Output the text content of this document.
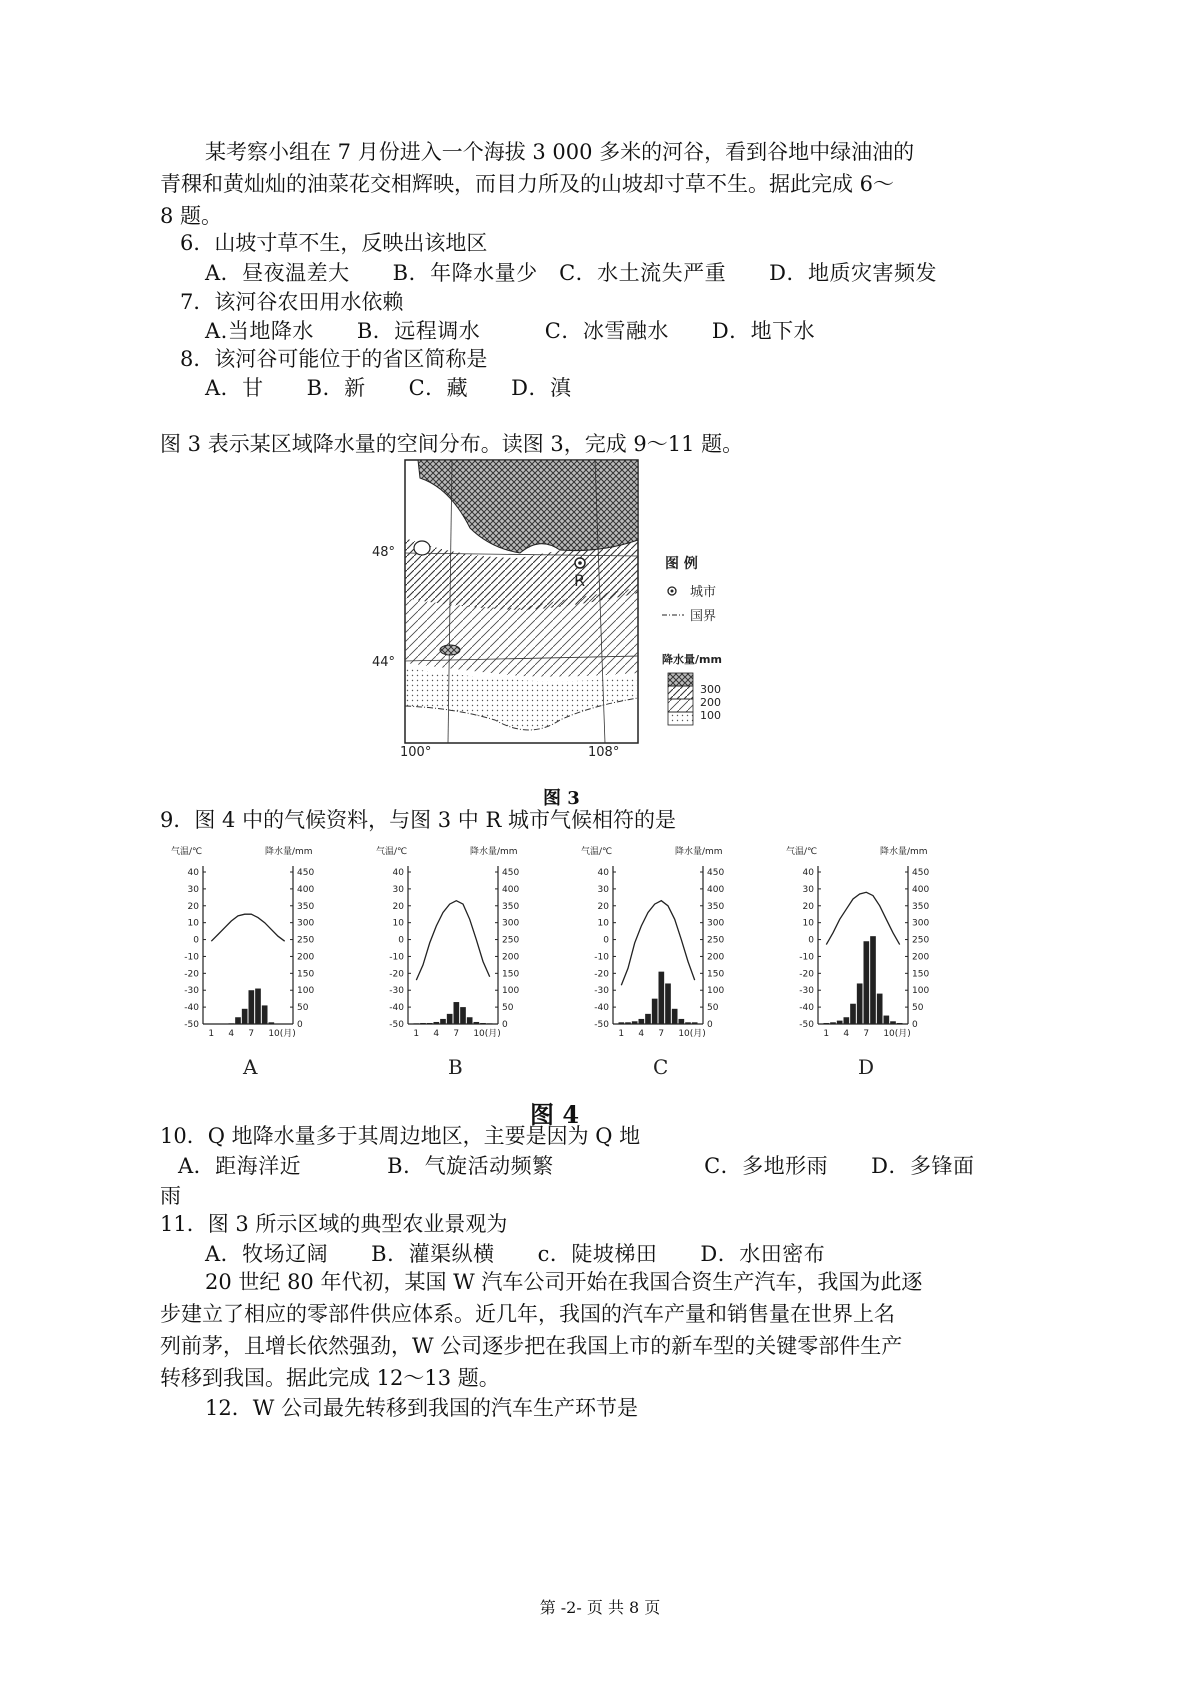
某考察小组在 7 月份进入一个海拔 3 000 多米的河谷，看到谷地中绿油油的
青稞和黄灿灿的油菜花交相辉映，而目力所及的山坡却寸草不生。据此完成 6～
8 题。
6．山坡寸草不生，反映出该地区
A．昼夜温差大　　B．年降水量少　C．水土流失严重　　D．地质灾害频发
7．该河谷农田用水依赖
A.当地降水　　B．远程调水　　　C．冰雪融水　　D．地下水
8．该河谷可能位于的省区简称是
A．甘　　B．新　　C．藏　　D．滇
图 3 表示某区域降水量的空间分布。读图 3，完成 9～11 题。
R
48°
44°
100°	108°
图 例
城市
国界
降水量/mm
300
200
100
图 3
9．图 4 中的气候资料，与图 3 中 R 城市气候相符的是
气温/℃	降水量/mm
40
30
20
10
0
-10
-20
-30
-40
-50
450
400
350
300
250
200
150
100
50
0
1 4 7 10(月)
A
气温/℃	降水量/mm
40
30
20
10
0
-10
-20
-30
-40
-50
450
400
350
300
250
200
150
100
50
0
1 4 7 10(月)
B
气温/℃	降水量/mm
40
30
20
10
0
-10
-20
-30
-40
-50
450
400
350
300
250
200
150
100
50
0
1 4 7 10(月)
C
气温/℃	降水量/mm
40
30
20
10
0
-10
-20
-30
-40
-50
450
400
350
300
250
200
150
100
50
0
1 4 7 10(月)
D
图 4
10．Q 地降水量多于其周边地区，主要是因为 Q 地
A．距海洋近　　　　B．气旋活动频繁　　　　　　　C．多地形雨　　D．多锋面
雨
11．图 3 所示区域的典型农业景观为
A．牧场辽阔　　B．灌渠纵横　　c．陡坡梯田　　D．水田密布
20 世纪 80 年代初，某国 W 汽车公司开始在我国合资生产汽车，我国为此逐
步建立了相应的零部件供应体系。近几年，我国的汽车产量和销售量在世界上名
列前茅，且增长依然强劲，W 公司逐步把在我国上市的新车型的关键零部件生产
转移到我国。据此完成 12～13 题。
12．W 公司最先转移到我国的汽车生产环节是
第 -2- 页 共 8 页
